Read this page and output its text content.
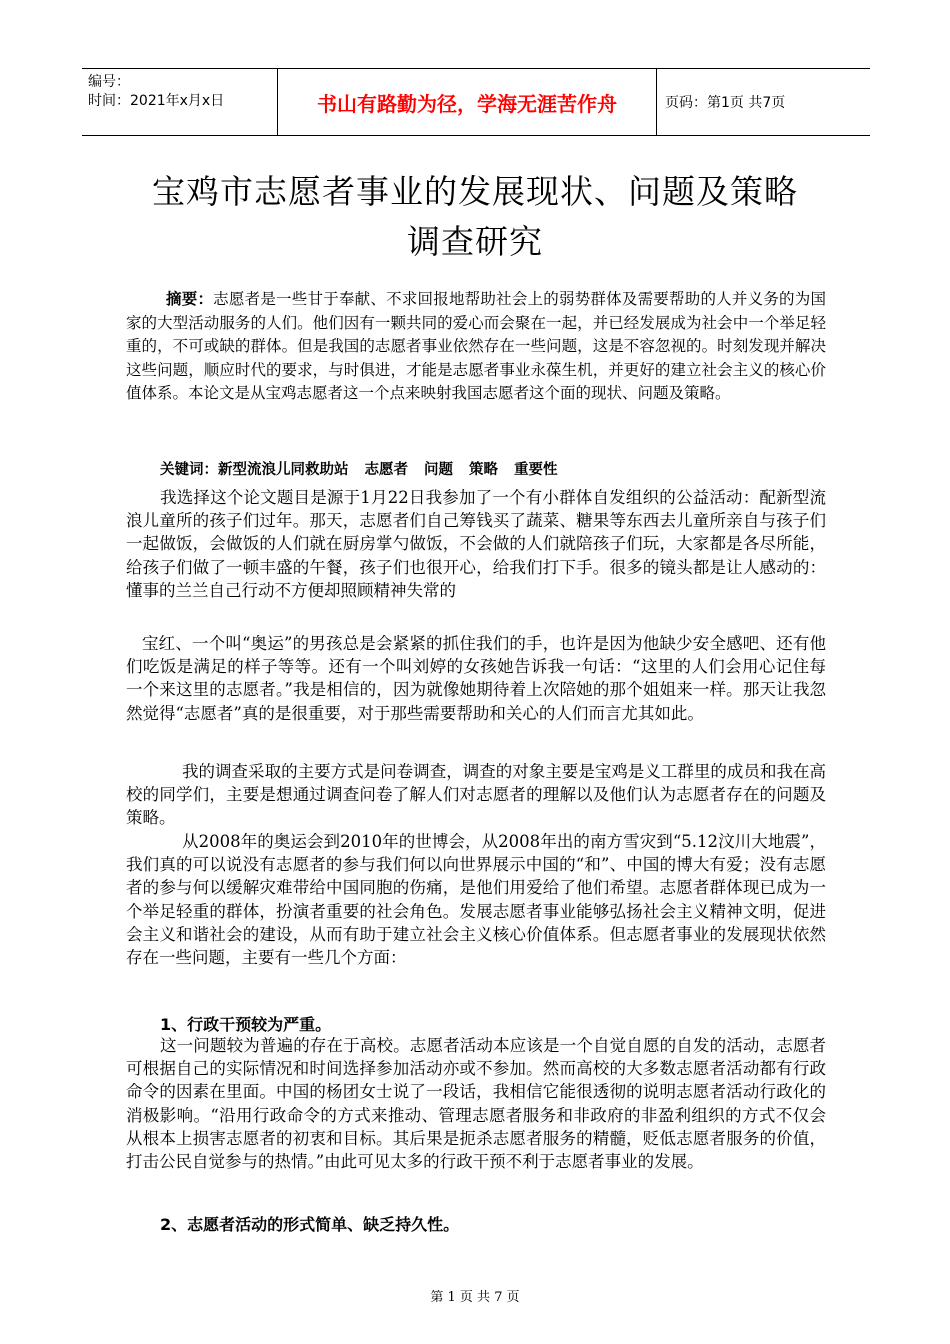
编号：
时间：2021年x月x日	书山有路勤为径，学海无涯苦作舟	页码：第1页 共7页
宝鸡市志愿者事业的发展现状、问题及策略
调查研究

摘要：志愿者是一些甘于奉献、不求回报地帮助社会上的弱势群体及需要帮助的人并义务的为国家的大型活动服务的人们。他们因有一颗共同的爱心而会聚在一起，并已经发展成为社会中一个举足轻重的，不可或缺的群体。但是我国的志愿者事业依然存在一些问题，这是不容忽视的。时刻发现并解决这些问题，顺应时代的要求，与时俱进，才能是志愿者事业永葆生机，并更好的建立社会主义的核心价值体系。本论文是从宝鸡志愿者这一个点来映射我国志愿者这个面的现状、问题及策略。

关键词：新型流浪儿同救助站 志愿者 问题 策略 重要性

我选择这个论文题目是源于1月22日我参加了一个有小群体自发组织的公益活动：配新型流浪儿童所的孩子们过年。那天，志愿者们自己筹钱买了蔬菜、糖果等东西去儿童所亲自与孩子们一起做饭，会做饭的人们就在厨房掌勺做饭，不会做的人们就陪孩子们玩，大家都是各尽所能，给孩子们做了一顿丰盛的午餐，孩子们也很开心，给我们打下手。很多的镜头都是让人感动的：懂事的兰兰自己行动不方便却照顾精神失常的

宝红、一个叫“奥运”的男孩总是会紧紧的抓住我们的手，也许是因为他缺少安全感吧、还有他们吃饭是满足的样子等等。还有一个叫刘婷的女孩她告诉我一句话：“这里的人们会用心记住每一个来这里的志愿者。”我是相信的，因为就像她期待着上次陪她的那个姐姐来一样。那天让我忽然觉得“志愿者”真的是很重要，对于那些需要帮助和关心的人们而言尤其如此。

我的调查采取的主要方式是问卷调查，调查的对象主要是宝鸡是义工群里的成员和我在高校的同学们，主要是想通过调查问卷了解人们对志愿者的理解以及他们认为志愿者存在的问题及策略。

从2008年的奥运会到2010年的世博会，从2008年出的南方雪灾到“5.12汶川大地震”，我们真的可以说没有志愿者的参与我们何以向世界展示中国的“和”、中国的博大有爱；没有志愿者的参与何以缓解灾难带给中国同胞的伤痛，是他们用爱给了他们希望。志愿者群体现已成为一个举足轻重的群体，扮演者重要的社会角色。发展志愿者事业能够弘扬社会主义精神文明，促进会主义和谐社会的建设，从而有助于建立社会主义核心价值体系。但志愿者事业的发展现状依然存在一些问题，主要有一些几个方面：

1、行政干预较为严重。

这一问题较为普遍的存在于高校。志愿者活动本应该是一个自觉自愿的自发的活动，志愿者可根据自己的实际情况和时间选择参加活动亦或不参加。然而高校的大多数志愿者活动都有行政命令的因素在里面。中国的杨团女士说了一段话，我相信它能很透彻的说明志愿者活动行政化的消极影响。“沿用行政命令的方式来推动、管理志愿者服务和非政府的非盈利组织的方式不仅会从根本上损害志愿者的初衷和目标。其后果是扼杀志愿者服务的精髓，贬低志愿者服务的价值，打击公民自觉参与的热情。”由此可见太多的行政干预不利于志愿者事业的发展。

2、志愿者活动的形式简单、缺乏持久性。
第 1 页 共 7 页
